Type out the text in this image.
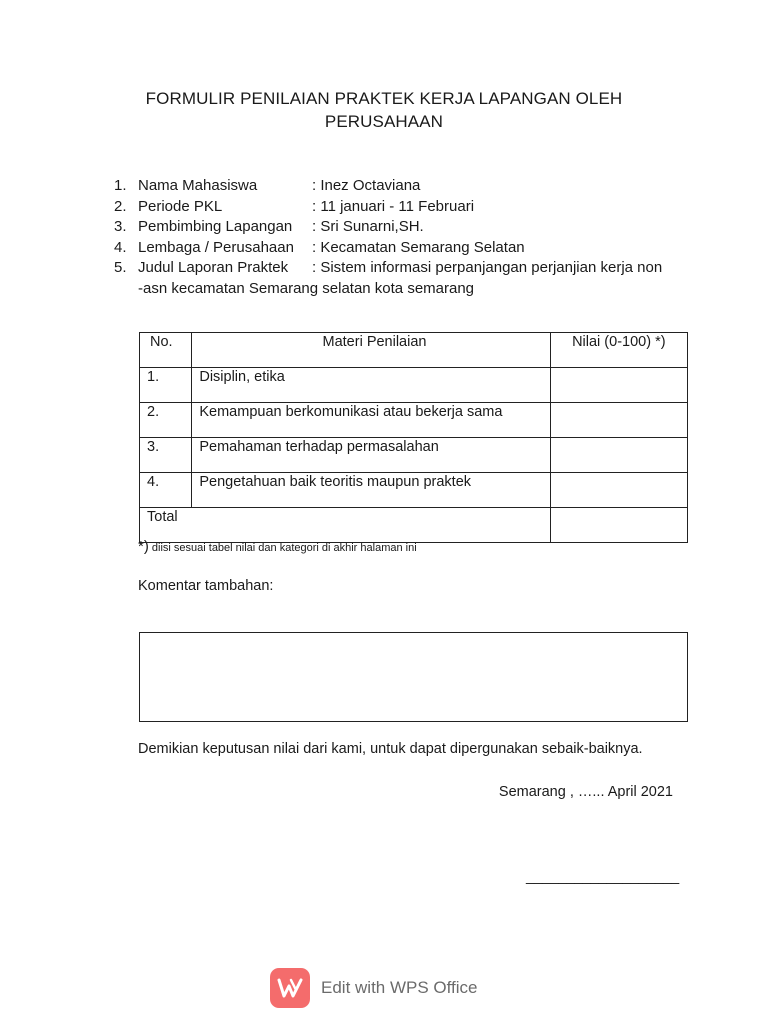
FORMULIR PENILAIAN PRAKTEK KERJA LAPANGAN OLEH
PERUSAHAAN
1. Nama Mahasiswa	: Inez Octaviana
2. Periode PKL	: 11 januari - 11 Februari
3. Pembimbing Lapangan	: Sri Sunarni,SH.
4. Lembaga / Perusahaan	: Kecamatan Semarang Selatan
5. Judul Laporan Praktek	: Sistem informasi perpanjangan perjanjian kerja non
-asn kecamatan Semarang selatan kota semarang
No.	Materi Penilaian	Nilai (0-100) *)
1.	Disiplin, etika	
2.	Kemampuan berkomunikasi atau bekerja sama	
3.	Pemahaman terhadap permasalahan	
4.	Pengetahuan baik teoritis maupun praktek	
Total		
*) diisi sesuai tabel nilai dan kategori di akhir halaman ini
Komentar tambahan:
Demikian keputusan nilai dari kami, untuk dapat dipergunakan sebaik-baiknya.
Semarang , …... April 2021
___________________
Edit with WPS Office
